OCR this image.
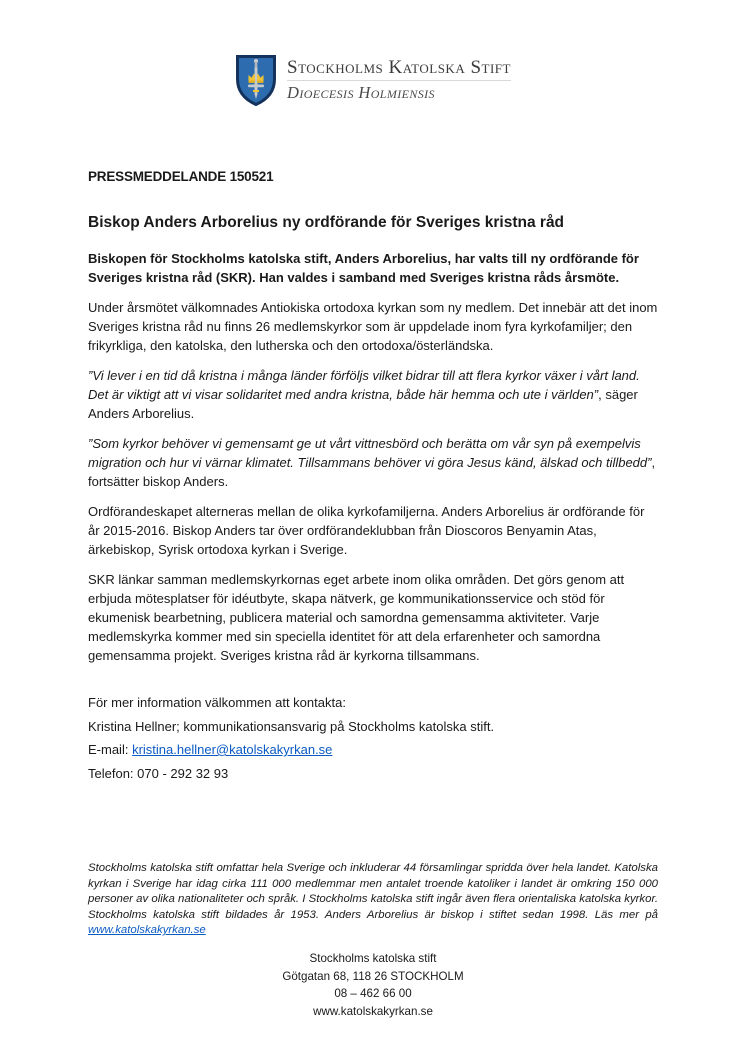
Stockholms Katolska Stift
Dioecesis Holmiensis
PRESSMEDDELANDE 150521
Biskop Anders Arborelius ny ordförande för Sveriges kristna råd

Biskopen för Stockholms katolska stift, Anders Arborelius, har valts till ny ordförande för Sveriges kristna råd (SKR). Han valdes i samband med Sveriges kristna råds årsmöte.

Under årsmötet välkomnades Antiokiska ortodoxa kyrkan som ny medlem. Det innebär att det inom Sveriges kristna råd nu finns 26 medlemskyrkor som är uppdelade inom fyra kyrkofamiljer; den frikyrkliga, den katolska, den lutherska och den ortodoxa/österländska.

”Vi lever i en tid då kristna i många länder förföljs vilket bidrar till att flera kyrkor växer i vårt land. Det är viktigt att vi visar solidaritet med andra kristna, både här hemma och ute i världen”, säger Anders Arborelius.

”Som kyrkor behöver vi gemensamt ge ut vårt vittnesbörd och berätta om vår syn på exempelvis migration och hur vi värnar klimatet. Tillsammans behöver vi göra Jesus känd, älskad och tillbedd”, fortsätter biskop Anders.

Ordförandeskapet alterneras mellan de olika kyrkofamiljerna. Anders Arborelius är ordförande för år 2015-2016. Biskop Anders tar över ordförandeklubban från Dioscoros Benyamin Atas, ärkebiskop, Syrisk ortodoxa kyrkan i Sverige.

SKR länkar samman medlemskyrkornas eget arbete inom olika områden. Det görs genom att erbjuda mötesplatser för idéutbyte, skapa nätverk, ge kommunikationsservice och stöd för ekumenisk bearbetning, publicera material och samordna gemensamma aktiviteter. Varje medlemskyrka kommer med sin speciella identitet för att dela erfarenheter och samordna gemensamma projekt. Sveriges kristna råd är kyrkorna tillsammans.

För mer information välkommen att kontakta:
Kristina Hellner; kommunikationsansvarig på Stockholms katolska stift.
E-mail: kristina.hellner@katolskakyrkan.se
Telefon: 070 - 292 32 93
Stockholms katolska stift omfattar hela Sverige och inkluderar 44 församlingar spridda över hela landet. Katolska kyrkan i Sverige har idag cirka 111 000 medlemmar men antalet troende katoliker i landet är omkring 150 000 personer av olika nationaliteter och språk. I Stockholms katolska stift ingår även flera orientaliska katolska kyrkor. Stockholms katolska stift bildades år 1953. Anders Arborelius är biskop i stiftet sedan 1998. Läs mer på www.katolskakyrkan.se
Stockholms katolska stift
Götgatan 68, 118 26 STOCKHOLM
08 – 462 66 00
www.katolskakyrkan.se
